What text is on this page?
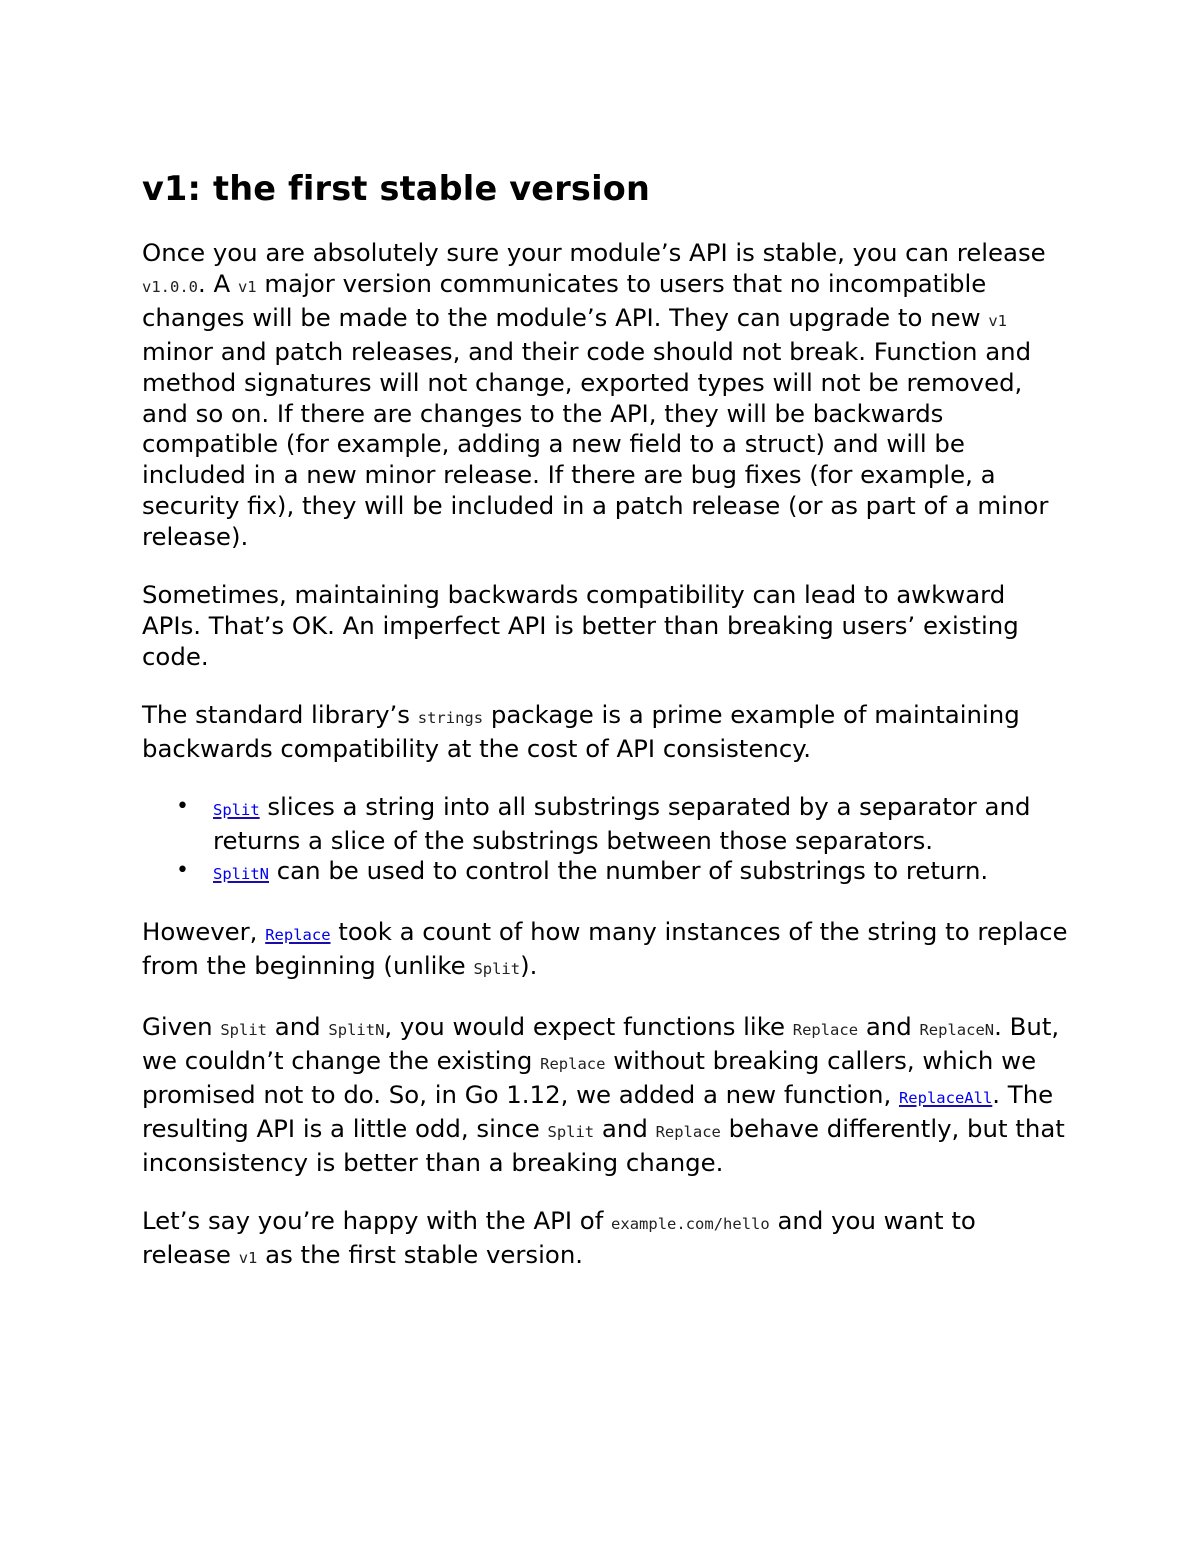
v1: the first stable version

Once you are absolutely sure your module’s API is stable, you can release v1.0.0. A v1 major version communicates to users that no incompatible changes will be made to the module’s API. They can upgrade to new v1 minor and patch releases, and their code should not break. Function and method signatures will not change, exported types will not be removed, and so on. If there are changes to the API, they will be backwards compatible (for example, adding a new field to a struct) and will be included in a new minor release. If there are bug fixes (for example, a security fix), they will be included in a patch release (or as part of a minor release).

Sometimes, maintaining backwards compatibility can lead to awkward APIs. That’s OK. An imperfect API is better than breaking users’ existing code.

The standard library’s strings package is a prime example of maintaining backwards compatibility at the cost of API consistency.

• Split slices a string into all substrings separated by a separator and returns a slice of the substrings between those separators.
• SplitN can be used to control the number of substrings to return.

However, Replace took a count of how many instances of the string to replace from the beginning (unlike Split).

Given Split and SplitN, you would expect functions like Replace and ReplaceN. But, we couldn’t change the existing Replace without breaking callers, which we promised not to do. So, in Go 1.12, we added a new function, ReplaceAll. The resulting API is a little odd, since Split and Replace behave differently, but that inconsistency is better than a breaking change.

Let’s say you’re happy with the API of example.com/hello and you want to release v1 as the first stable version.
